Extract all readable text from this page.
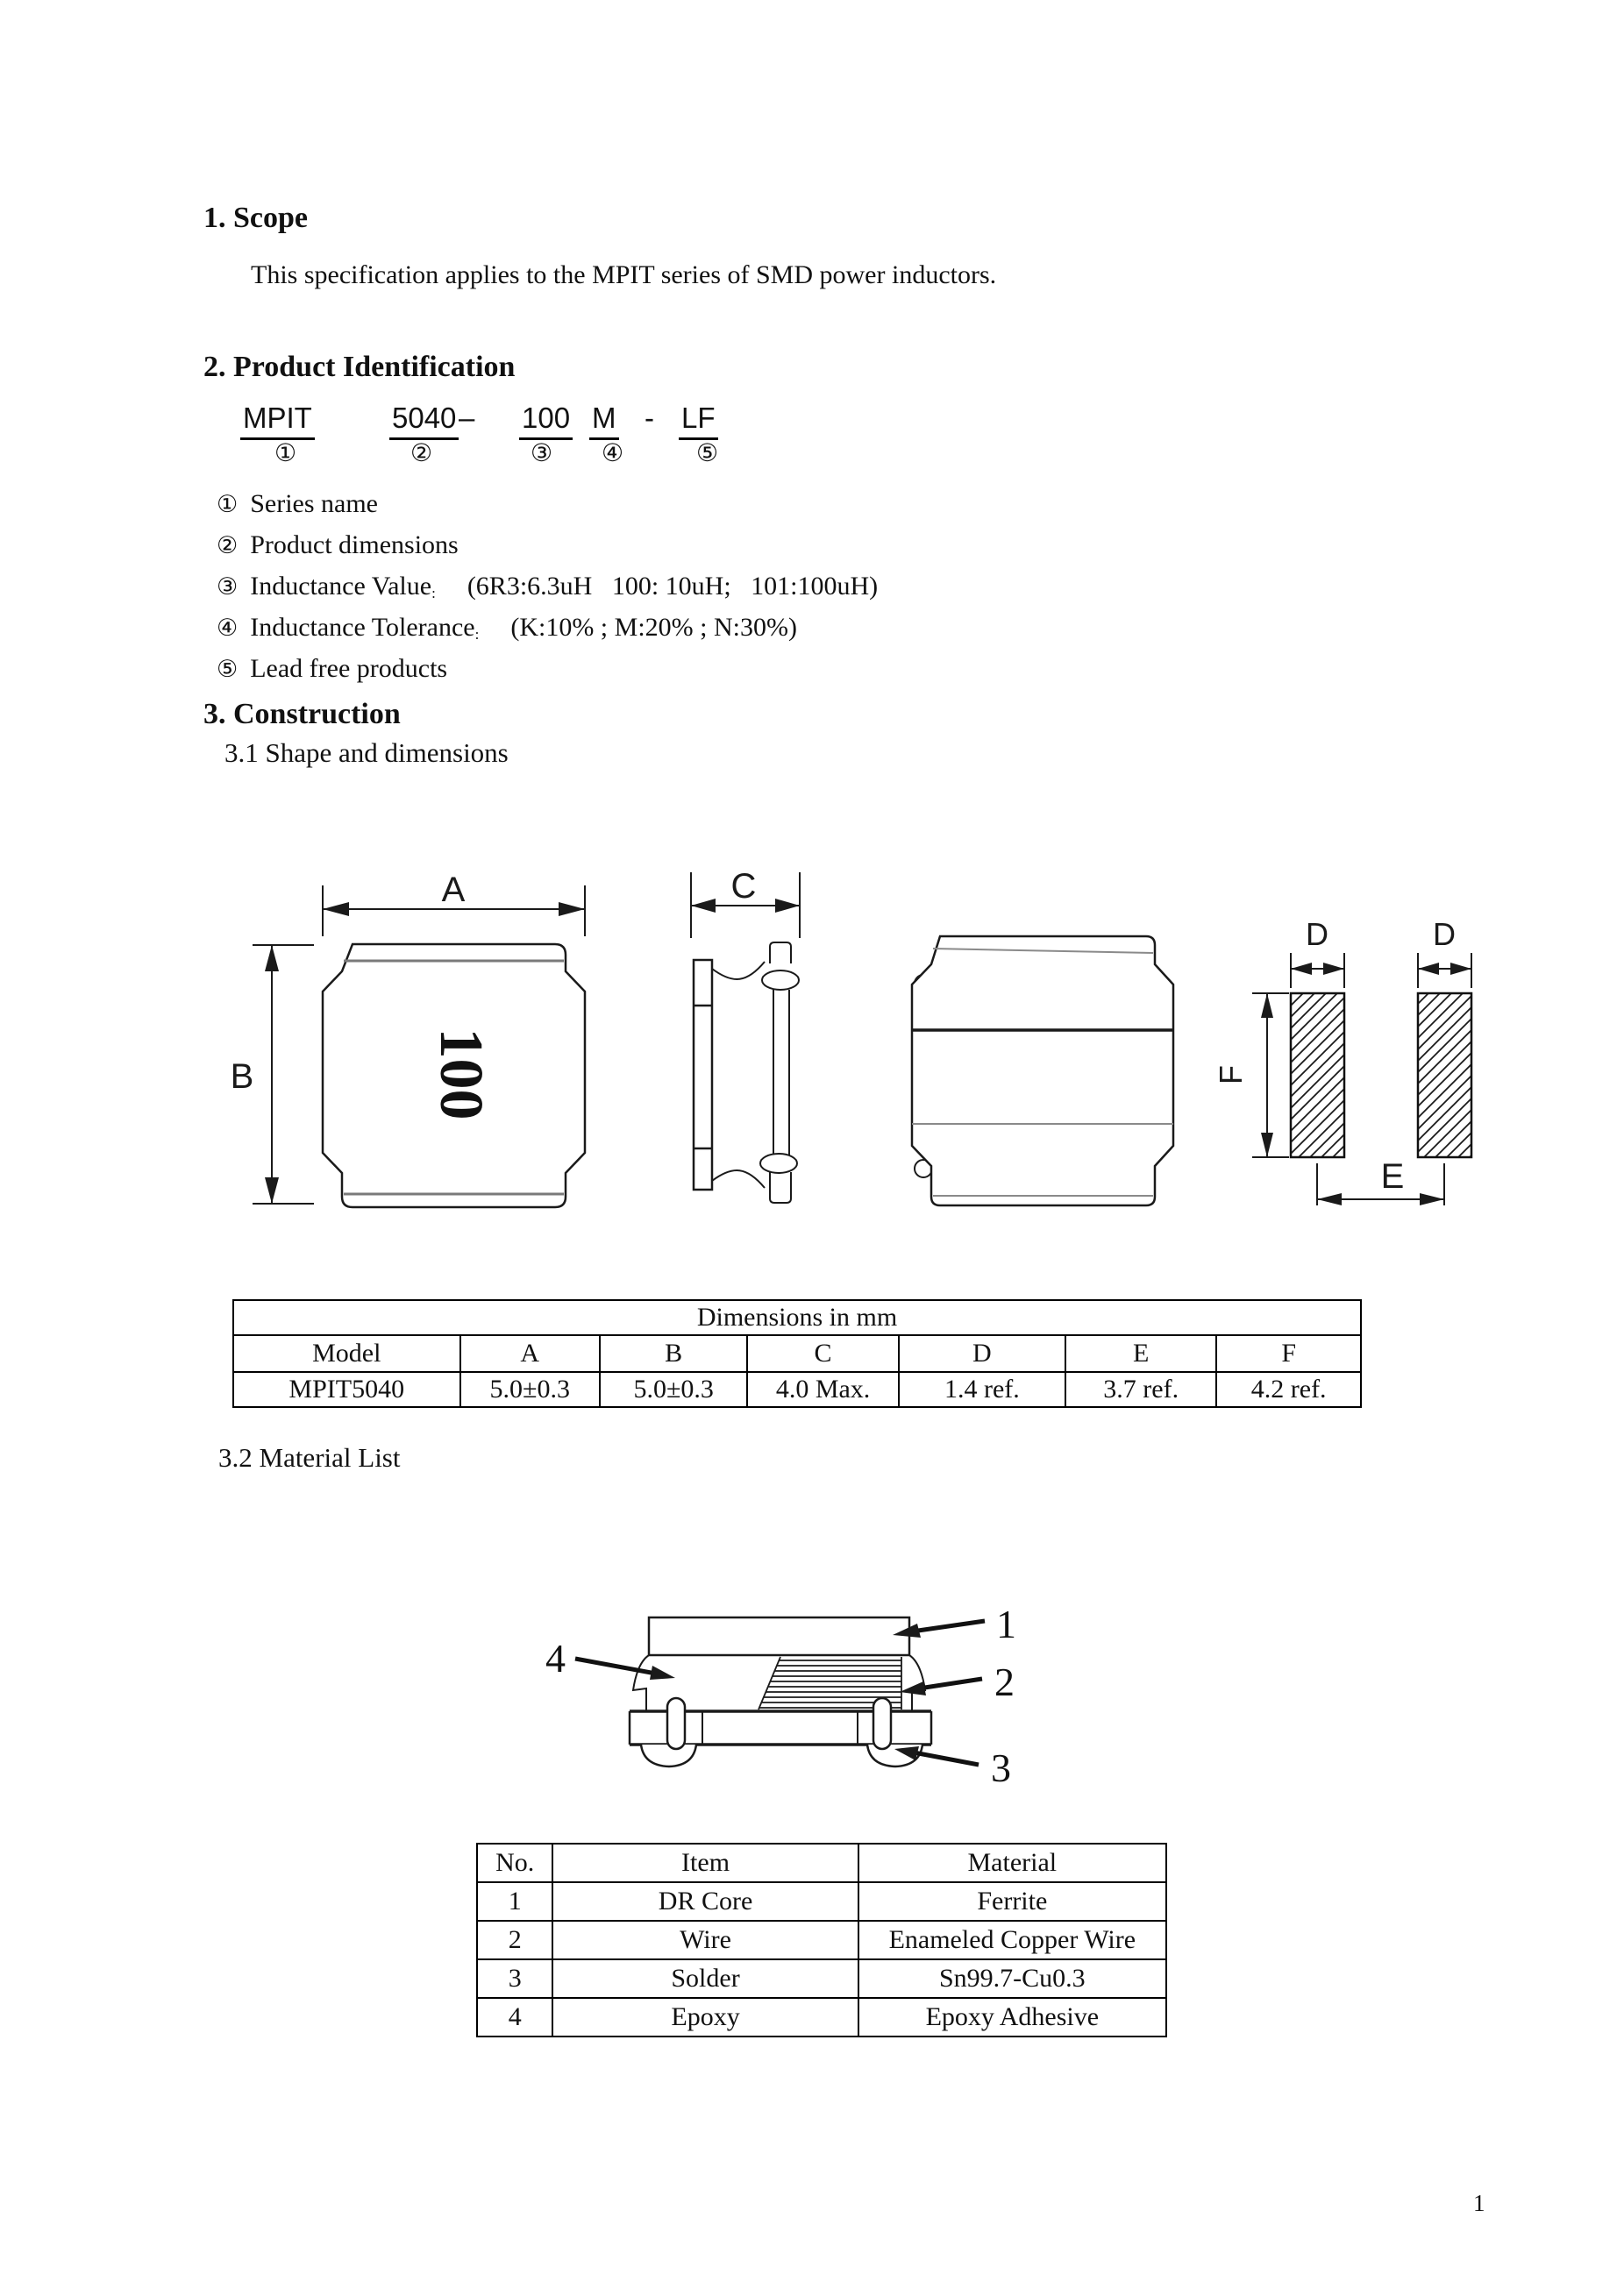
1. Scope
This specification applies to the MPIT series of SMD power inductors.
2. Product Identification
MPIT	5040 – 100 M - LF
①	②	③ ④	⑤
① Series name
② Product dimensions
③ Inductance Value: (6R3:6.3uH   100: 10uH;   101:100uH)
④ Inductance Tolerance: (K:10% ; M:20% ; N:30%)
⑤ Lead free products
3. Construction
3.1 Shape and dimensions
100
A
B
C
D	D
F
E
Dimensions in mm						
Model	A	B	C	D	E	F
MPIT5040	5.0±0.3	5.0±0.3	4.0 Max.	1.4 ref.	3.7 ref.	4.2 ref.
3.2 Material List
1
2
3
4
No.	Item	Material
1	DR Core	Ferrite
2	Wire	Enameled Copper Wire
3	Solder	Sn99.7-Cu0.3
4	Epoxy	Epoxy Adhesive
1
